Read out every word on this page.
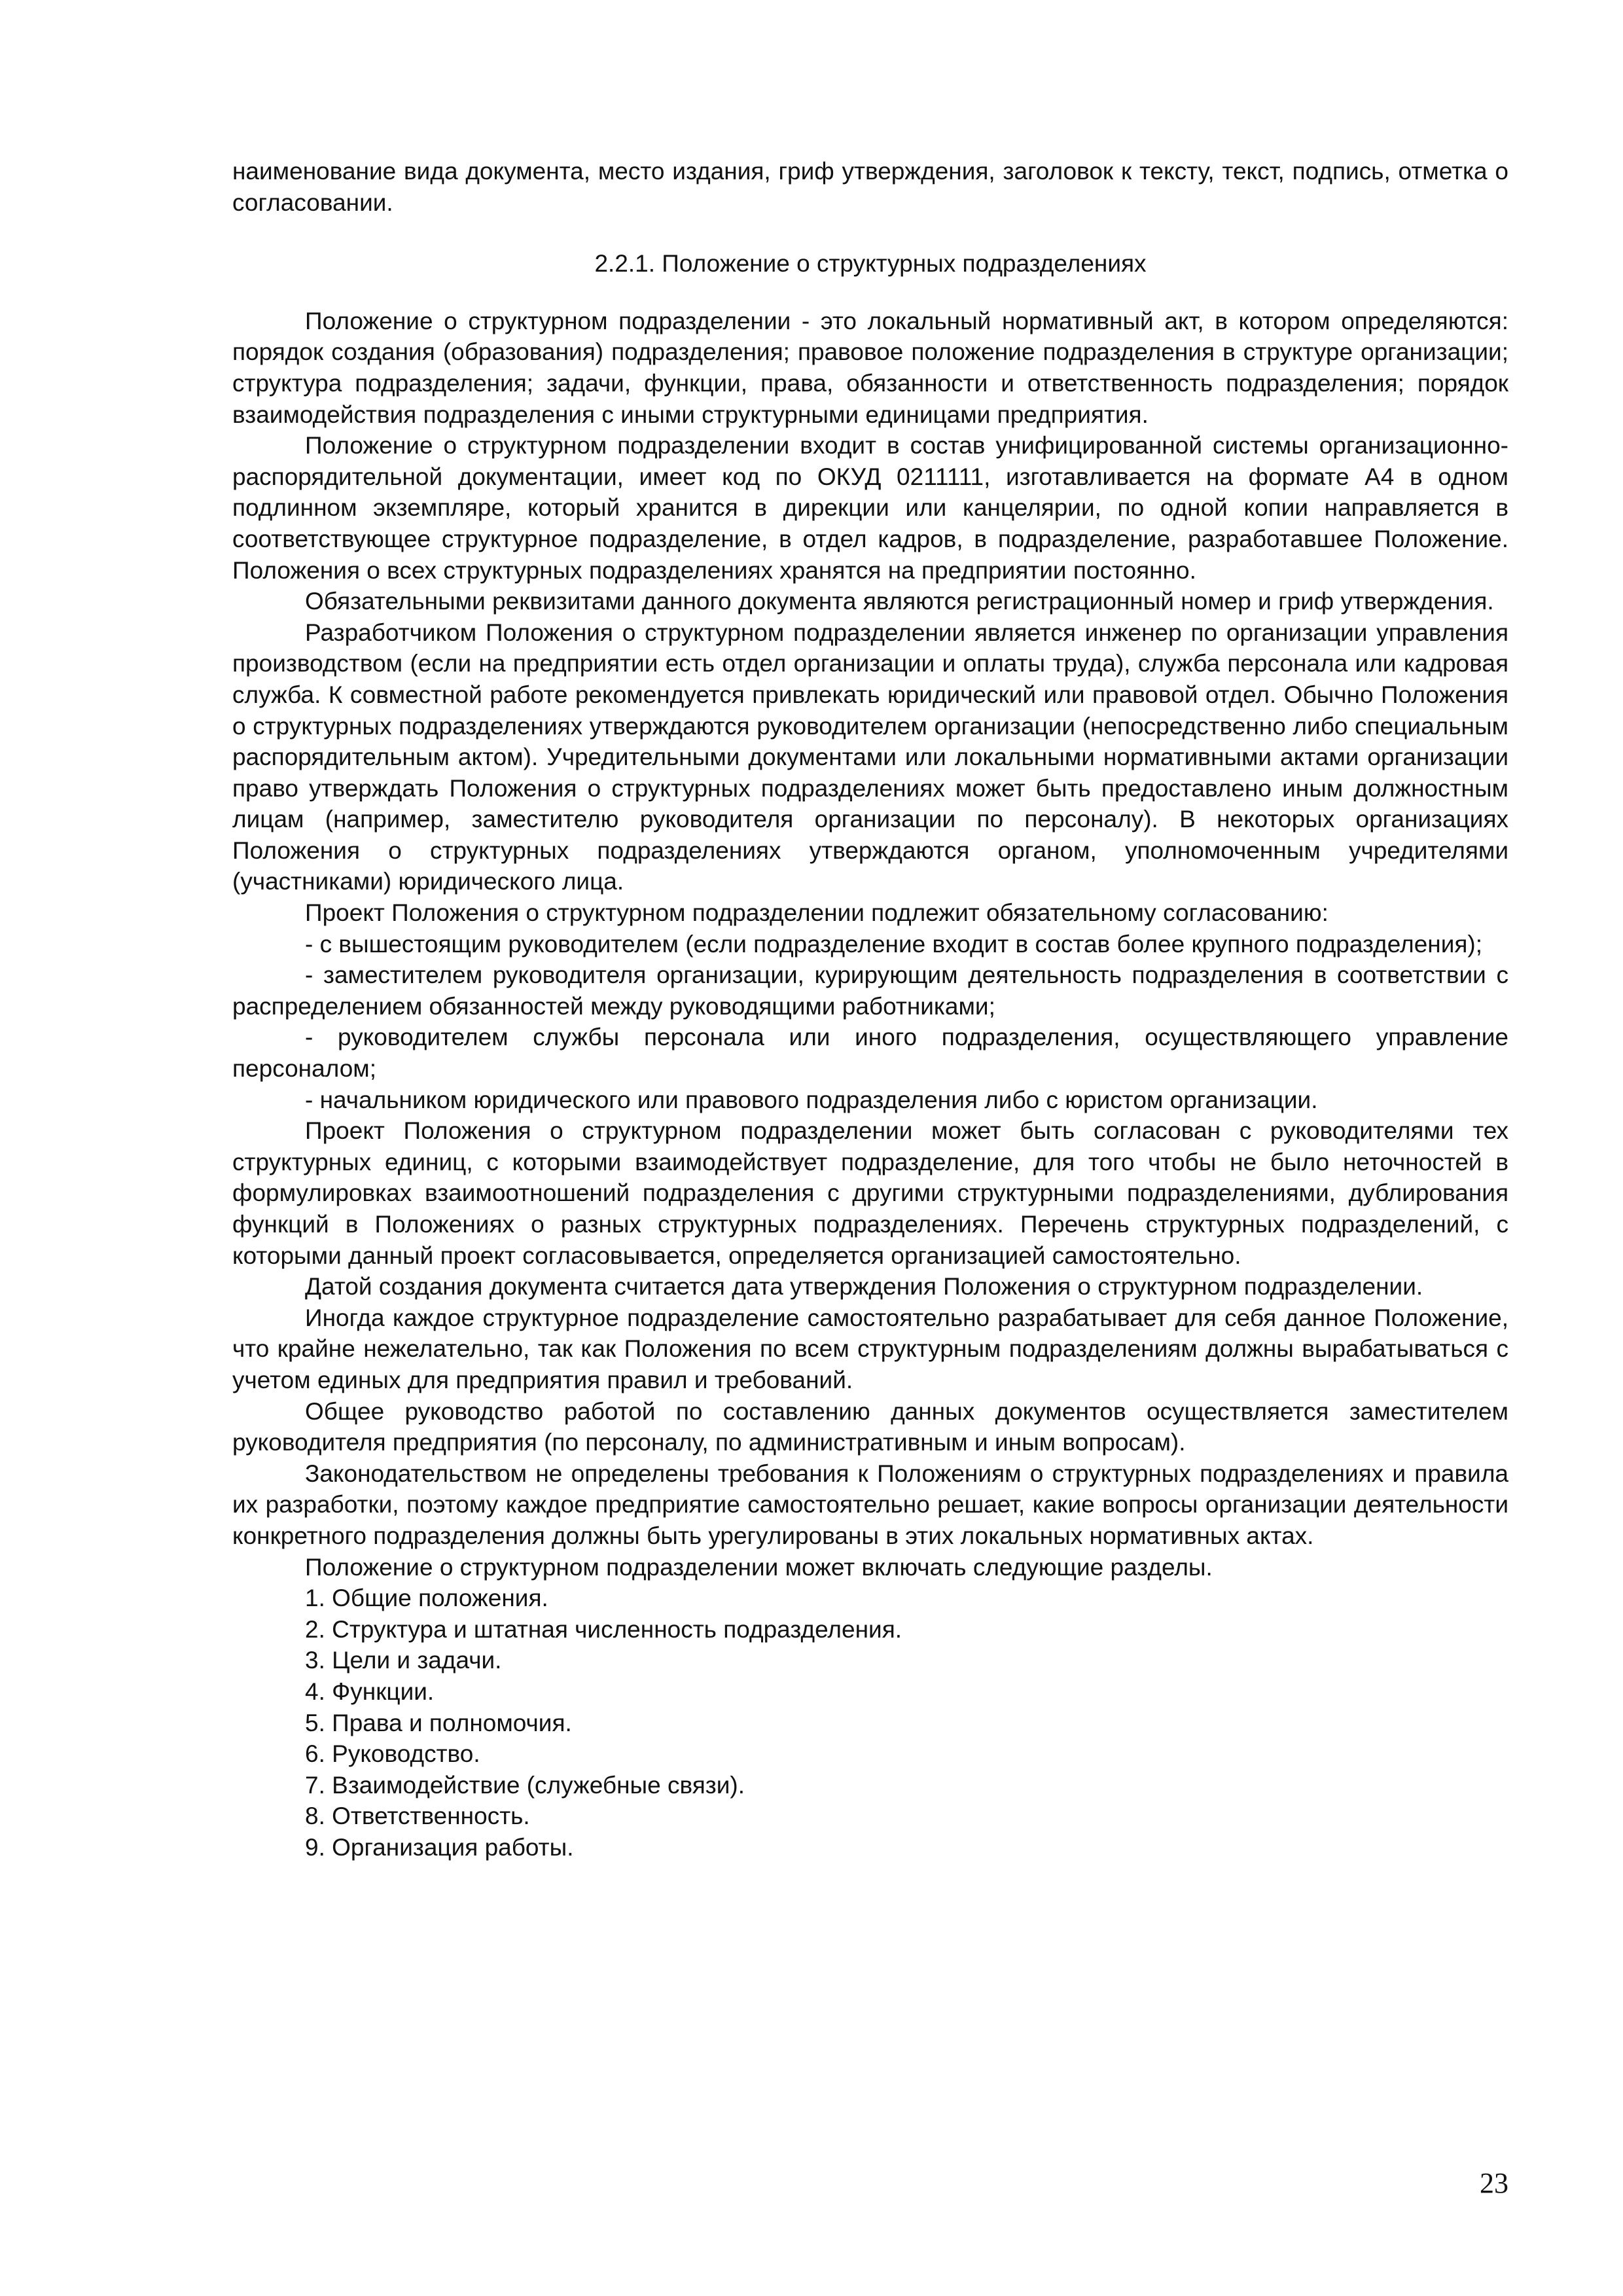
наименование вида документа, место издания, гриф утверждения, заголовок к тексту, текст, подпись, отметка о согласовании.

2.2.1. Положение о структурных подразделениях

Положение о структурном подразделении - это локальный нормативный акт, в котором определяются: порядок создания (образования) подразделения; правовое положение подразделения в структуре организации; структура подразделения; задачи, функции, права, обязанности и ответственность подразделения; порядок взаимодействия подразделения с иными структурными единицами предприятия.

Положение о структурном подразделении входит в состав унифицированной системы организационно-распорядительной документации, имеет код по ОКУД 0211111, изготавливается на формате А4 в одном подлинном экземпляре, который хранится в дирекции или канцелярии, по одной копии направляется в соответствующее структурное подразделение, в отдел кадров, в подразделение, разработавшее Положение. Положения о всех структурных подразделениях хранятся на предприятии постоянно.

Обязательными реквизитами данного документа являются регистрационный номер и гриф утверждения.

Разработчиком Положения о структурном подразделении является инженер по организации управления производством (если на предприятии есть отдел организации и оплаты труда), служба персонала или кадровая служба. К совместной работе рекомендуется привлекать юридический или правовой отдел. Обычно Положения о структурных подразделениях утверждаются руководителем организации (непосредственно либо специальным распорядительным актом). Учредительными документами или локальными нормативными актами организации право утверждать Положения о структурных подразделениях может быть предоставлено иным должностным лицам (например, заместителю руководителя организации по персоналу). В некоторых организациях Положения о структурных подразделениях утверждаются органом, уполномоченным учредителями (участниками) юридического лица.

Проект Положения о структурном подразделении подлежит обязательному согласованию:

- с вышестоящим руководителем (если подразделение входит в состав более крупного подразделения);

- заместителем руководителя организации, курирующим деятельность подразделения в соответствии с распределением обязанностей между руководящими работниками;

- руководителем службы персонала или иного подразделения, осуществляющего управление персоналом;

- начальником юридического или правового подразделения либо с юристом организации.

Проект Положения о структурном подразделении может быть согласован с руководителями тех структурных единиц, с которыми взаимодействует подразделение, для того чтобы не было неточностей в формулировках взаимоотношений подразделения с другими структурными подразделениями, дублирования функций в Положениях о разных структурных подразделениях. Перечень структурных подразделений, с которыми данный проект согласовывается, определяется организацией самостоятельно.

Датой создания документа считается дата утверждения Положения о структурном подразделении.

Иногда каждое структурное подразделение самостоятельно разрабатывает для себя данное Положение, что крайне нежелательно, так как Положения по всем структурным подразделениям должны вырабатываться с учетом единых для предприятия правил и требований.

Общее руководство работой по составлению данных документов осуществляется заместителем руководителя предприятия (по персоналу, по административным и иным вопросам).

Законодательством не определены требования к Положениям о структурных подразделениях и правила их разработки, поэтому каждое предприятие самостоятельно решает, какие вопросы организации деятельности конкретного подразделения должны быть урегулированы в этих локальных нормативных актах.

Положение о структурном подразделении может включать следующие разделы.

1. Общие положения.

2. Структура и штатная численность подразделения.

3. Цели и задачи.

4. Функции.

5. Права и полномочия.

6. Руководство.

7. Взаимодействие (служебные связи).

8. Ответственность.

9. Организация работы.

23
